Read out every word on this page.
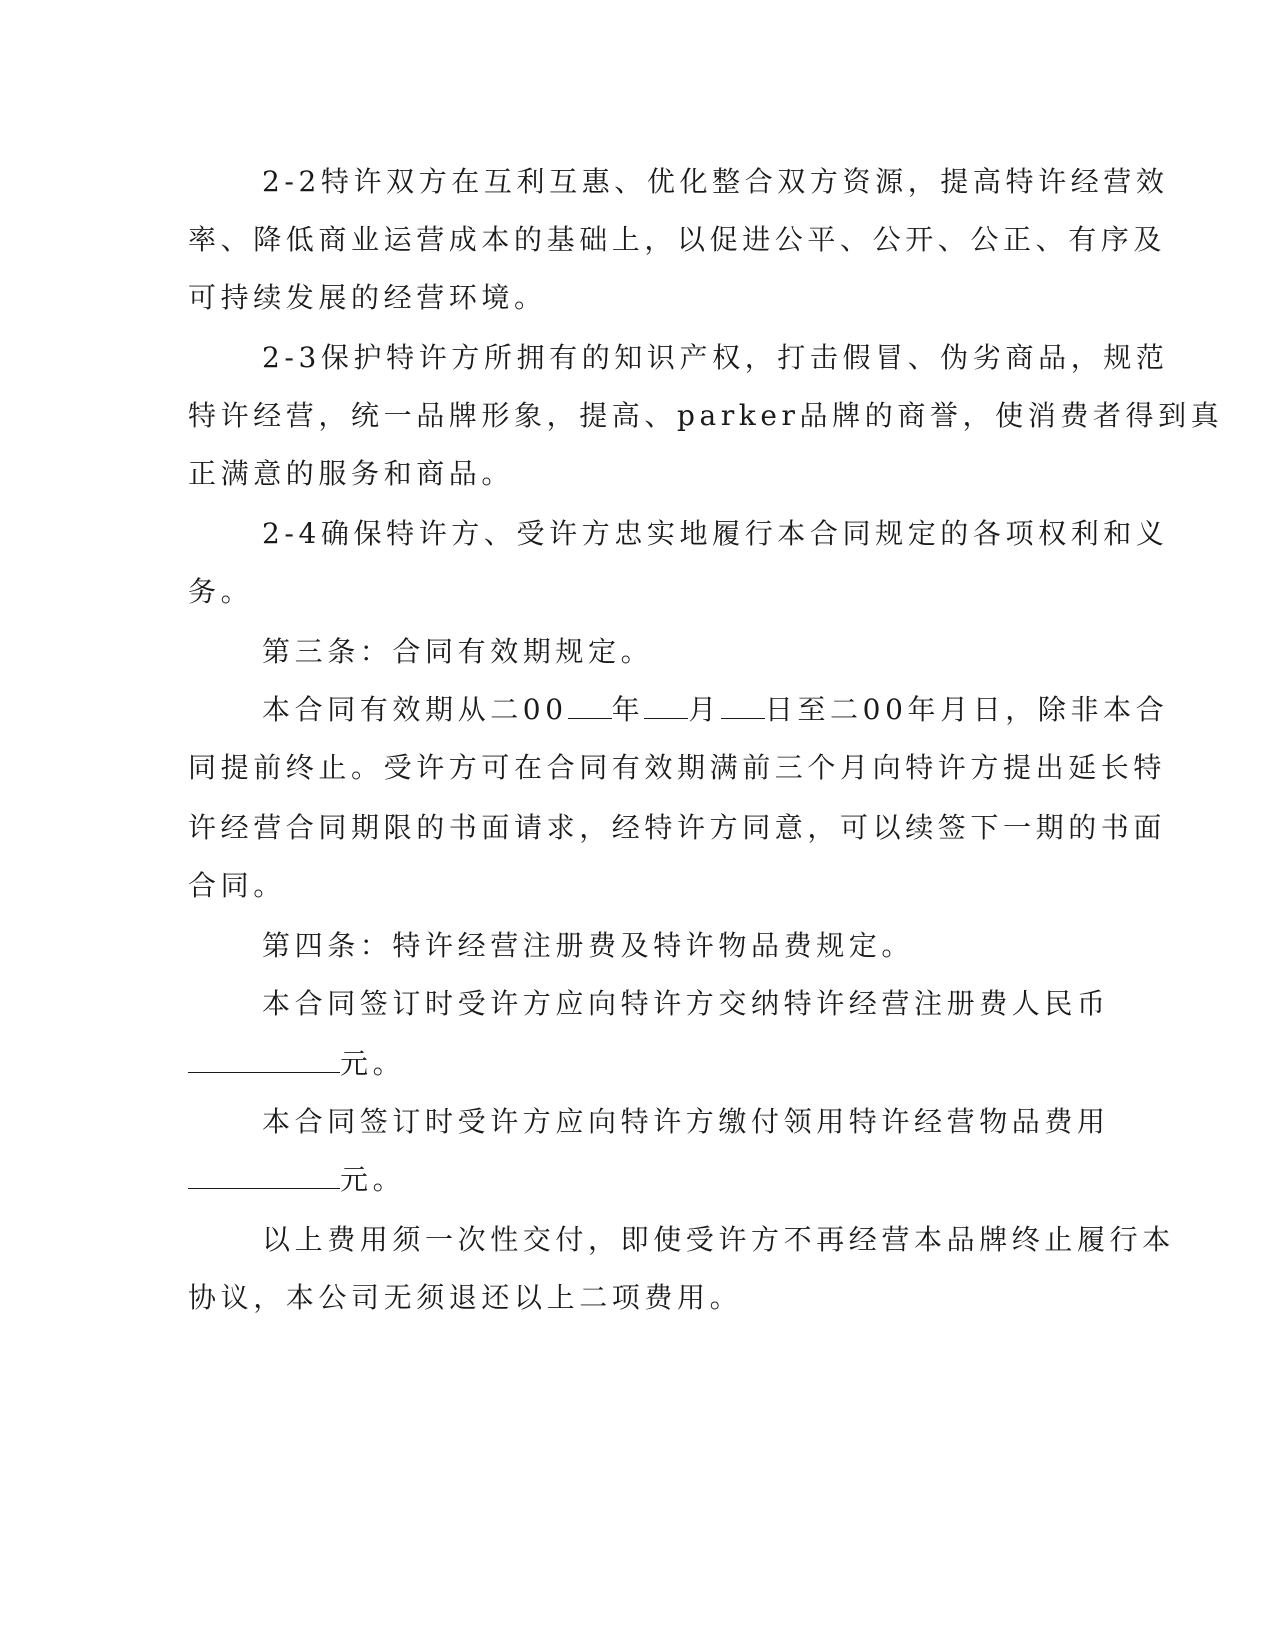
2-2特许双方在互利互惠、优化整合双方资源，提高特许经营效
率、降低商业运营成本的基础上，以促进公平、公开、公正、有序及
可持续发展的经营环境。
2-3保护特许方所拥有的知识产权，打击假冒、伪劣商品，规范
特许经营，统一品牌形象，提高、parker品牌的商誉，使消费者得到真
正满意的服务和商品。
2-4确保特许方、受许方忠实地履行本合同规定的各项权利和义
务。
第三条：合同有效期规定。
本合同有效期从二00 年 月 日至二00年月日，除非本合
同提前终止。受许方可在合同有效期满前三个月向特许方提出延长特
许经营合同期限的书面请求，经特许方同意，可以续签下一期的书面
合同。
第四条：特许经营注册费及特许物品费规定。
本合同签订时受许方应向特许方交纳特许经营注册费人民币
元。
本合同签订时受许方应向特许方缴付领用特许经营物品费用
元。
以上费用须一次性交付，即使受许方不再经营本品牌终止履行本
协议，本公司无须退还以上二项费用。
